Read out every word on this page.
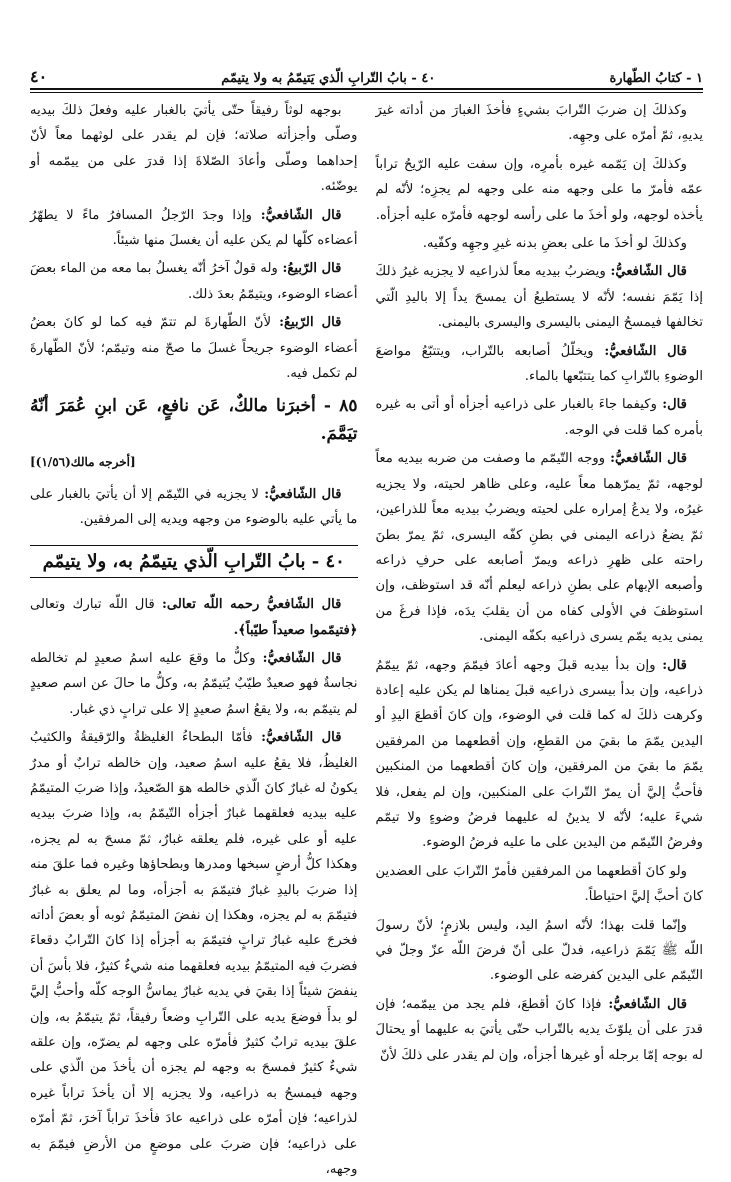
١ - كتابُ الطّهارة
٤٠ - بابُ التّرابِ الّذي يَتيمّمُ به ولا يتيمّم
٤٠

وكذلكَ إن ضربَ التّرابَ بشيءٍ فأخذَ الغبارَ من أداته غيرَ يديهِ، ثمّ أمرّه على وجهِه.

وكذلكَ إن يَمّمه غيره بأمرِه، وإن سفت عليه الرّيحُ تراباً عمّه فأمرّ ما على وجهه منه على وجهه لم يجزِه؛ لأنّه لم يأخذه لوجهه، ولو أخذَ ما على رأسه لوجهه فأمرّه عليه أجزأه.

وكذلكَ لو أخذَ ما على بعضِ بدنه غيرِ وجهِه وكفّيه.

قال الشّافعيُّ: ويضربُ بيديه معاً لذراعيه لا يجزيه غيرُ ذلكَ إذا يَمّمَ نفسه؛ لأنّه لا يستطيعُ أن يمسحَ يداً إلا باليدِ الّتي تخالفها فيمسحُ اليمنى باليسرى واليسرى باليمنى.

قال الشّافعيُّ: ويخلّلُ أصابعه بالتّراب، ويتتبّعُ مواضعَ الوضوءِ بالتّرابِ كما يتتبّعها بالماء.

قال: وكيفما جاءَ بالغبار على ذراعيه أجزأه أو أتى به غيره بأمره كما قلت في الوجه.

قال الشّافعيُّ: ووجه التّيمّم ما وصفت من ضربه بيديه معاً لوجهه، ثمّ يمرّهما معاً عليه، وعلى ظاهر لحيته، ولا يجزيه غيرُه، ولا يدعُ إمراره على لحيته ويضربُ بيديه معاً للذراعين، ثمّ يضعُ ذراعه اليمنى في بطنِ كفّه اليسرى، ثمّ يمرّ بطنَ راحته على ظهرِ ذراعه ويمرّ أصابعه على حرفِ ذراعه وأصبعه الإبهام على بطنِ ذراعه ليعلم أنّه قد استوظف، وإن استوظفَ في الأولى كفاه من أن يقلبَ يدَه، فإذا فرغَ من يمنى يديه يمّم يسرى ذراعيه بكفّه اليمنى.

قال: وإن بدأ بيديه قبلَ وجهه أعادَ فيمّمَ وجهه، ثمّ ييمّمُ ذراعيه، وإن بدأ بيسرى ذراعيه قبلَ يمناها لم يكن عليه إعادة وكرهت ذلكَ له كما قلت في الوضوء، وإن كانَ أقطعَ اليدِ أو اليدين يمّمَ ما بقيَ من القطعِ، وإن أقطعهما من المرفقين يمّمَ ما بقيَ من المرفقين، وإن كانَ أقطعهما من المنكبين فأحبُّ إليَّ أن يمرّ التّرابَ على المنكبين، وإن لم يفعل، فلا شيءَ عليه؛ لأنّه لا يدينُ له عليهما فرضُ وضوءٍ ولا تيمّم وفرضُ التّيمّم من اليدين على ما عليه فرضُ الوضوء.

ولو كانَ أقطعهما من المرفقين فأمرّ التّرابَ على العضدين كانَ أحبَّ إليَّ احتياطاً.

وإنّما قلت بهذا؛ لأنّه اسمُ اليد، وليس بلازمٍ؛ لأنّ رسولَ اللّه ﷺ يَمّمَ ذراعيه، فدلّ على أنّ فرضَ اللّه عزّ وجلّ في التّيمّم على اليدين كفرضه على الوضوء.

قال الشّافعيُّ: فإذا كانَ أقطعَ، فلم يجد من ييمّمه؛ فإن قدرَ على أن يلوّثَ يديه بالتّراب حتّى يأتيَ به عليهما أو يحتالَ له بوجه إمّا برجله أو غيرها أجزأه، وإن لم يقدر على ذلكَ لأنّ

بوجهه لوثاً رفيقاً حتّى يأتيَ بالغبار عليه وفعلَ ذلكَ بيديه وصلّى وأجزأته صلاته؛ فإن لم يقدر على لوثهما معاً لأنّ إحداهما وصلّى وأعادَ الصّلاةَ إذا قدرَ على من ييمّمه أو يوضّئه.

قال الشّافعيُّ: وإذا وجدَ الرّجلُ المسافرُ ماءً لا يطهّرُ أعضاءه كلّها لم يكن عليه أن يغسلَ منها شيئاً.

قال الرّبيعُ: وله قولٌ آخرُ أنّه يغسلُ بما معه من الماء بعضَ أعضاء الوضوء، ويتيمّمُ بعدَ ذلك.

قال الرّبيعُ: لأنّ الطّهارةَ لم تتمّ فيه كما لو كانَ بعضُ أعضاء الوضوء جريحاً غسلَ ما صحّ منه وتيمّم؛ لأنّ الطّهارةَ لم تكمل فيه.

٨٥ - أخبرَنا مالكٌ، عَن نافعٍ، عَن ابنِ عُمَرَ أنّهُ تيَمَّمَ.
[أخرجه مالك(١/٥٦)]

قال الشّافعيُّ: لا يجزيه في التّيمّم إلا أن يأتيَ بالغبار على ما يأتي عليه بالوضوء من وجهه ويديه إلى المرفقين.

٤٠ - بابُ التّرابِ الّذي يتيمّمُ به، ولا يتيمّم

قال الشّافعيُّ رحمه اللّه تعالى: قال اللّه تبارك وتعالى ﴿فتيمّموا صعيداً طيّباً﴾.

قال الشّافعيُّ: وكلُّ ما وقعَ عليه اسمُ صعيدٍ لم تخالطه نجاسةٌ فهو صعيدٌ طيّبٌ يُتيمّمُ به، وكلُّ ما حالَ عن اسم صعيدٍ لم يتيمّم به، ولا يقعُ اسمُ صعيدٍ إلا على ترابٍ ذي غبار.

قال الشّافعيُّ: فأمّا البطحاءُ الغليظةُ والرّقيقةُ والكثيبُ الغليظُ، فلا يقعُ عليه اسمُ صعيد، وإن خالطه ترابٌ أو مدرٌ يكونُ له غبارٌ كانَ الّذي خالطه هوَ الصّعيدُ، وإذا ضربَ المتيمّمُ عليه بيديه فعلقهما غبارٌ أجزأه التّيمّمُ به، وإذا ضربَ بيديه عليه أو على غيره، فلم يعلقه غبارٌ، ثمّ مسحَ به لم يجزه، وهكذا كلُّ أرضٍ سبخها ومدرها وبطحاؤها وغيره فما علقَ منه إذا ضربَ باليدِ غبارٌ فتيمّمَ به أجزأه، وما لم يعلق به غبارٌ فتيمّمَ به لم يجزه، وهكذا إن نفضَ المتيمّمُ ثوبه أو بعضَ أداته فخرجَ عليه غبارُ ترابٍ فتيمّمَ به أجزأه إذا كانَ التّرابُ دقعاءَ فضربَ فيه المتيمّمُ بيديه فعلقهما منه شيءٌ كثيرٌ، فلا بأسَ أن ينفضَ شيئاً إذا بقيَ في يديه غبارٌ يماسُّ الوجه كلّه وأحبُّ إليَّ لو بدأَ فوضعَ يديه على التّرابِ وضعاً رفيقاً، ثمّ يتيمّمُ به، وإن علقَ بيديه ترابٌ كثيرٌ فأمرّه على وجهه لم يضرّه، وإن علقه شيءٌ كثيرٌ فمسحَ به وجهه لم يجزه أن يأخذَ من الّذي على وجهه فيمسحُ به ذراعيه، ولا يجزيه إلا أن يأخذَ تراباً غيره لذراعيه؛ فإن أمرّه على ذراعيه عادَ فأخذَ تراباً آخرَ، ثمّ أمرّه على ذراعيه؛ فإن ضربَ على موضعٍ من الأرضِ فيمّمَ به وجهه،
